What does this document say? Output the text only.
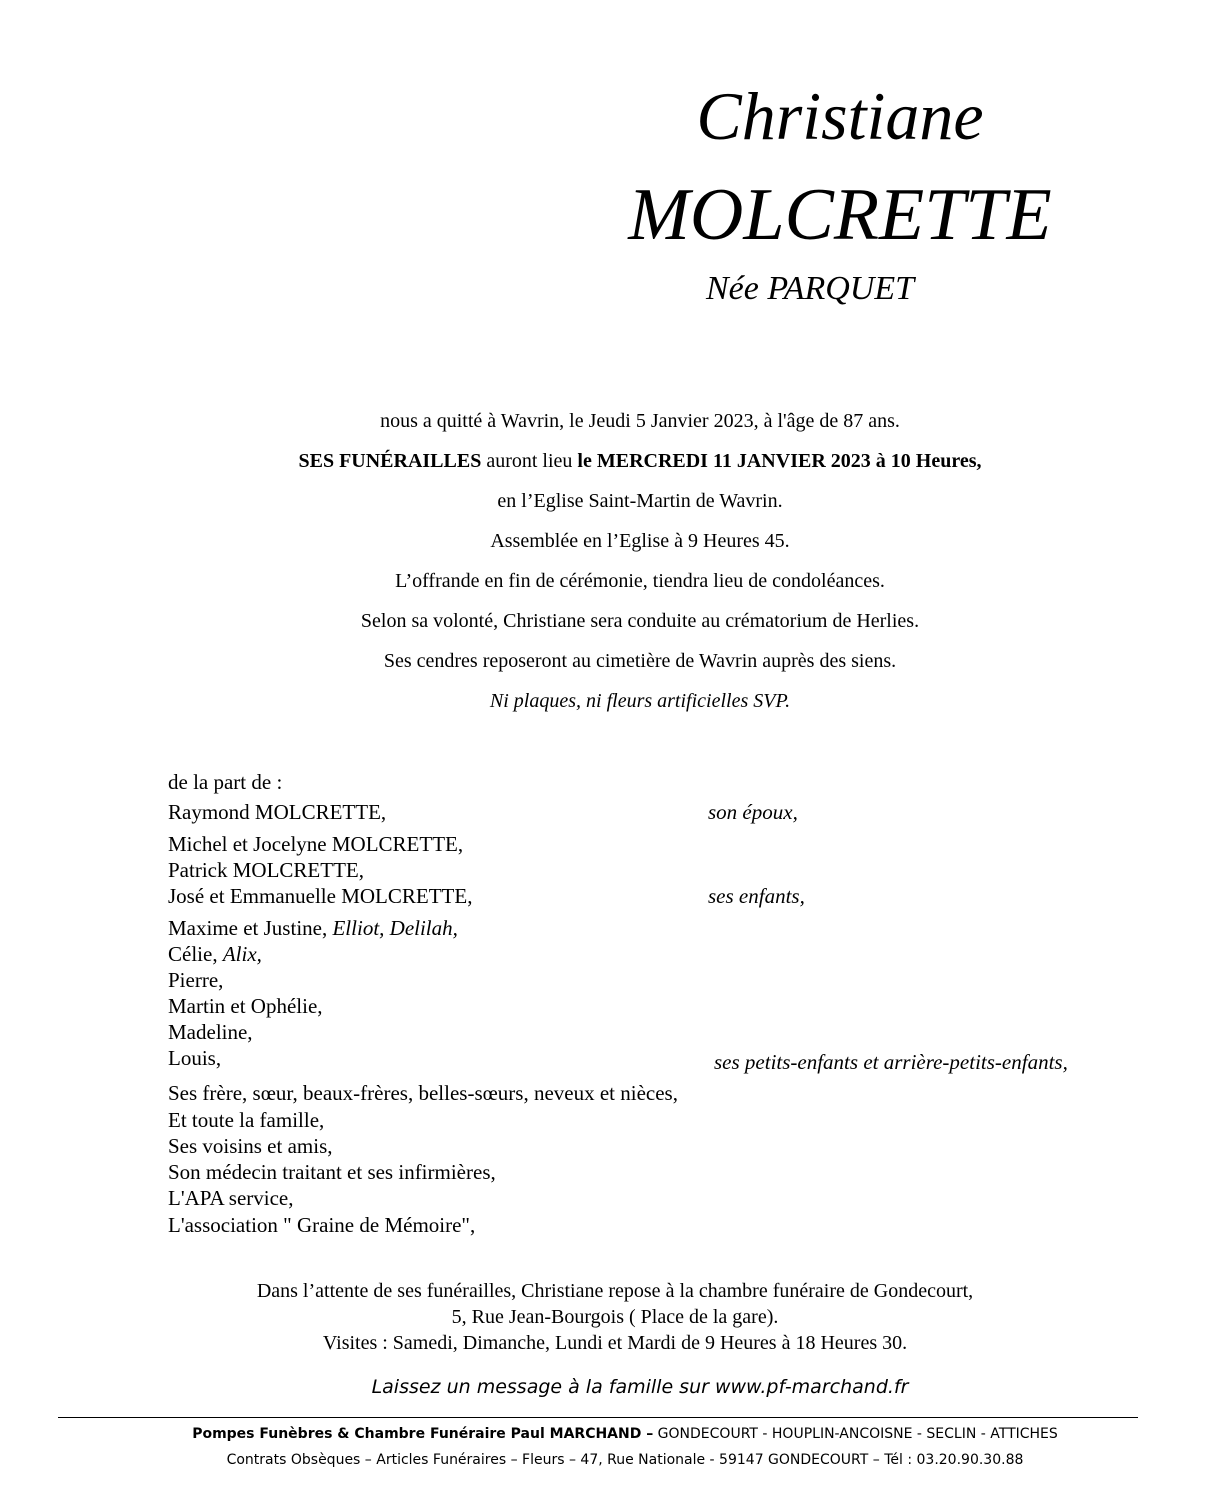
Christiane
MOLCRETTE
Née PARQUET
nous a quitté à Wavrin, le Jeudi 5 Janvier 2023, à l'âge de 87 ans.
SES FUNÉRAILLES auront lieu le MERCREDI 11 JANVIER 2023 à 10 Heures,
en l’Eglise Saint-Martin de Wavrin.
Assemblée en l’Eglise à 9 Heures 45.
L’offrande en fin de cérémonie, tiendra lieu de condoléances.
Selon sa volonté, Christiane sera conduite au crématorium de Herlies.
Ses cendres reposeront au cimetière de Wavrin auprès des siens.
Ni plaques, ni fleurs artificielles SVP.
de la part de :
Raymond MOLCRETTE,	son époux,
Michel et Jocelyne MOLCRETTE,
Patrick MOLCRETTE,
José et Emmanuelle MOLCRETTE,	ses enfants,
Maxime et Justine, Elliot, Delilah,
Célie, Alix,
Pierre,
Martin et Ophélie,
Madeline,
Louis,	ses petits-enfants et arrière-petits-enfants,
Ses frère, sœur, beaux-frères, belles-sœurs, neveux et nièces,
Et toute la famille,
Ses voisins et amis,
Son médecin traitant et ses infirmières,
L'APA service,
L'association " Graine de Mémoire",
Dans l’attente de ses funérailles, Christiane repose à la chambre funéraire de Gondecourt,
5, Rue Jean-Bourgois ( Place de la gare).
Visites : Samedi, Dimanche, Lundi et Mardi de 9 Heures à 18 Heures 30.
Laissez un message à la famille sur www.pf-marchand.fr
Pompes Funèbres & Chambre Funéraire Paul MARCHAND – GONDECOURT - HOUPLIN-ANCOISNE - SECLIN - ATTICHES
Contrats Obsèques – Articles Funéraires – Fleurs – 47, Rue Nationale - 59147 GONDECOURT – Tél : 03.20.90.30.88
